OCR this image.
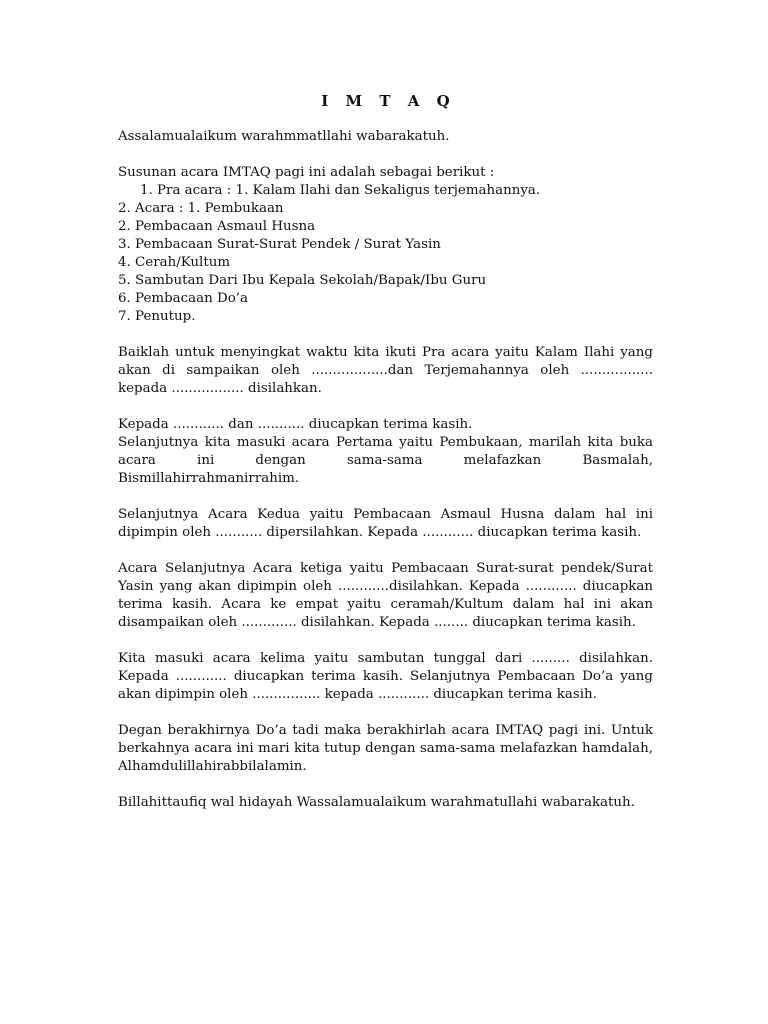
I M T A Q

Assalamualaikum warahmmatllahi wabarakatuh.

Susunan acara IMTAQ pagi ini adalah sebagai berikut :

1. Pra acara : 1. Kalam Ilahi dan Sekaligus terjemahannya.

2. Acara : 1. Pembukaan

2. Pembacaan Asmaul Husna

3. Pembacaan Surat-Surat Pendek / Surat Yasin

4. Cerah/Kultum

5. Sambutan Dari Ibu Kepala Sekolah/Bapak/Ibu Guru

6. Pembacaan Do’a

7. Penutup.

Baiklah untuk menyingkat waktu kita ikuti Pra acara yaitu Kalam Ilahi yang akan di sampaikan oleh ..................dan Terjemahannya oleh ................. kepada ................. disilahkan.

Kepada ............ dan ........... diucapkan terima kasih.

Selanjutnya kita masuki acara Pertama yaitu Pembukaan, marilah kita buka acara ini dengan sama-sama melafazkan Basmalah, Bismillahirrahmanirrahim.

Selanjutnya Acara Kedua yaitu Pembacaan Asmaul Husna dalam hal ini dipimpin oleh ........... dipersilahkan. Kepada ............ diucapkan terima kasih.

Acara Selanjutnya Acara ketiga yaitu Pembacaan Surat-surat pendek/Surat Yasin yang akan dipimpin oleh ............disilahkan. Kepada ............ diucapkan terima kasih. Acara ke empat yaitu ceramah/Kultum dalam hal ini akan disampaikan oleh ............. disilahkan. Kepada ........ diucapkan terima kasih.

Kita masuki acara kelima yaitu sambutan tunggal dari ......... disilahkan. Kepada ............ diucapkan terima kasih. Selanjutnya Pembacaan Do’a yang akan dipimpin oleh ................ kepada ............ diucapkan terima kasih.

Degan berakhirnya Do’a tadi maka berakhirlah acara IMTAQ pagi ini. Untuk berkahnya acara ini mari kita tutup dengan sama-sama melafazkan hamdalah, Alhamdulillahirabbilalamin.

Billahittaufiq wal hidayah Wassalamualaikum warahmatullahi wabarakatuh.
